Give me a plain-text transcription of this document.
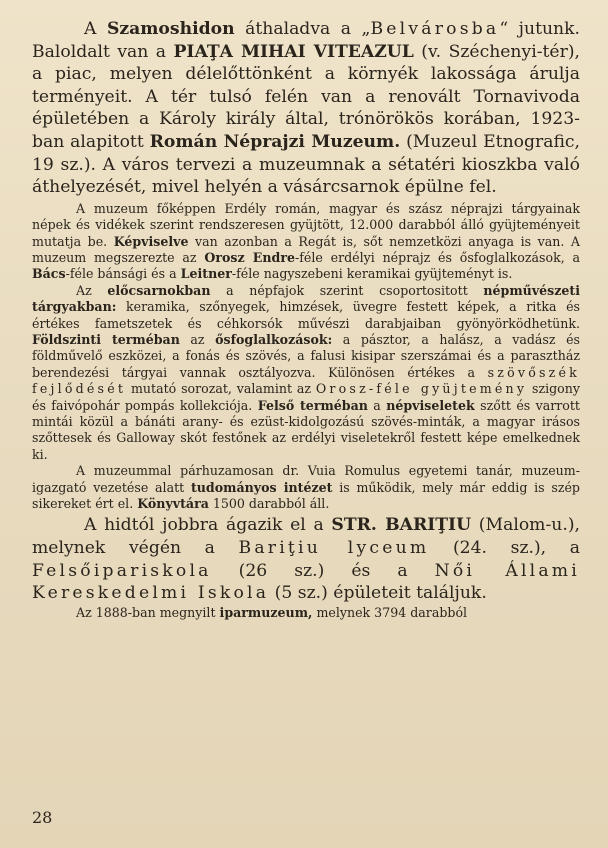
A Szamoshidon áthaladva a „Belvárosba“ jutunk. Baloldalt van a PIAŢA MIHAI VITEAZUL (v. Széchenyi-tér), a piac, melyen délelőttönként a környék lakossága árulja terményeit. A tér tulsó felén van a renovált Tornavivoda épületében a Károly király által, trónörökös korában, 1923-ban alapitott Román Néprajzi Muzeum. (Muzeul Etnografic, 19 sz.). A város tervezi a muzeumnak a sétatéri kioszkba való áthelyezését, mivel helyén a vásárcsarnok épülne fel.

A muzeum főképpen Erdély román, magyar és szász néprajzi tárgyainak népek és vidékek szerint rendszeresen gyüjtött, 12.000 darabból álló gyüjteményeit mutatja be. Képviselve van azonban a Regát is, sőt nemzetközi anyaga is van. A muzeum megszerezte az Orosz Endre-féle erdélyi néprajz és ősfoglalkozások, a Bács-féle bánsági és a Leitner-féle nagyszebeni keramikai gyüjteményt is.

Az előcsarnokban a népfajok szerint csoportositott népművészeti tárgyakban: keramika, szőnyegek, himzések, üvegre festett képek, a ritka és értékes fametszetek és céhkorsók művészi darabjaiban gyönyörködhetünk. Földszinti terméban az ősfoglalkozások: a pásztor, a halász, a vadász és földművelő eszközei, a fonás és szövés, a falusi kisipar szerszámai és a parasztház berendezési tárgyai vannak osztályozva. Különösen értékes a szövőszék fejlődését mutató sorozat, valamint az Orosz-féle gyüjtemény szigony és faivópohár pompás kollekciója. Felső terméban a népviseletek szőtt és varrott mintái közül a bánáti arany- és ezüst-kidolgozású szövés-minták, a magyar irásos szőttesek és Galloway skót festőnek az erdélyi viseletekről festett képe emelkednek ki.

A muzeummal párhuzamosan dr. Vuia Romulus egyetemi tanár, muzeum-igazgató vezetése alatt tudományos intézet is működik, mely már eddig is szép sikereket ért el. Könyvtára 1500 darabból áll.

A hidtól jobbra ágazik el a STR. BARIŢIU (Malom-u.), melynek végén a Bariţiu lyceum (24. sz.), a Felsőipariskola (26 sz.) és a Női Állami Kereskedelmi Iskola (5 sz.) épületeit találjuk.

Az 1888-ban megnyilt iparmuzeum, melynek 3794 darabból

28
